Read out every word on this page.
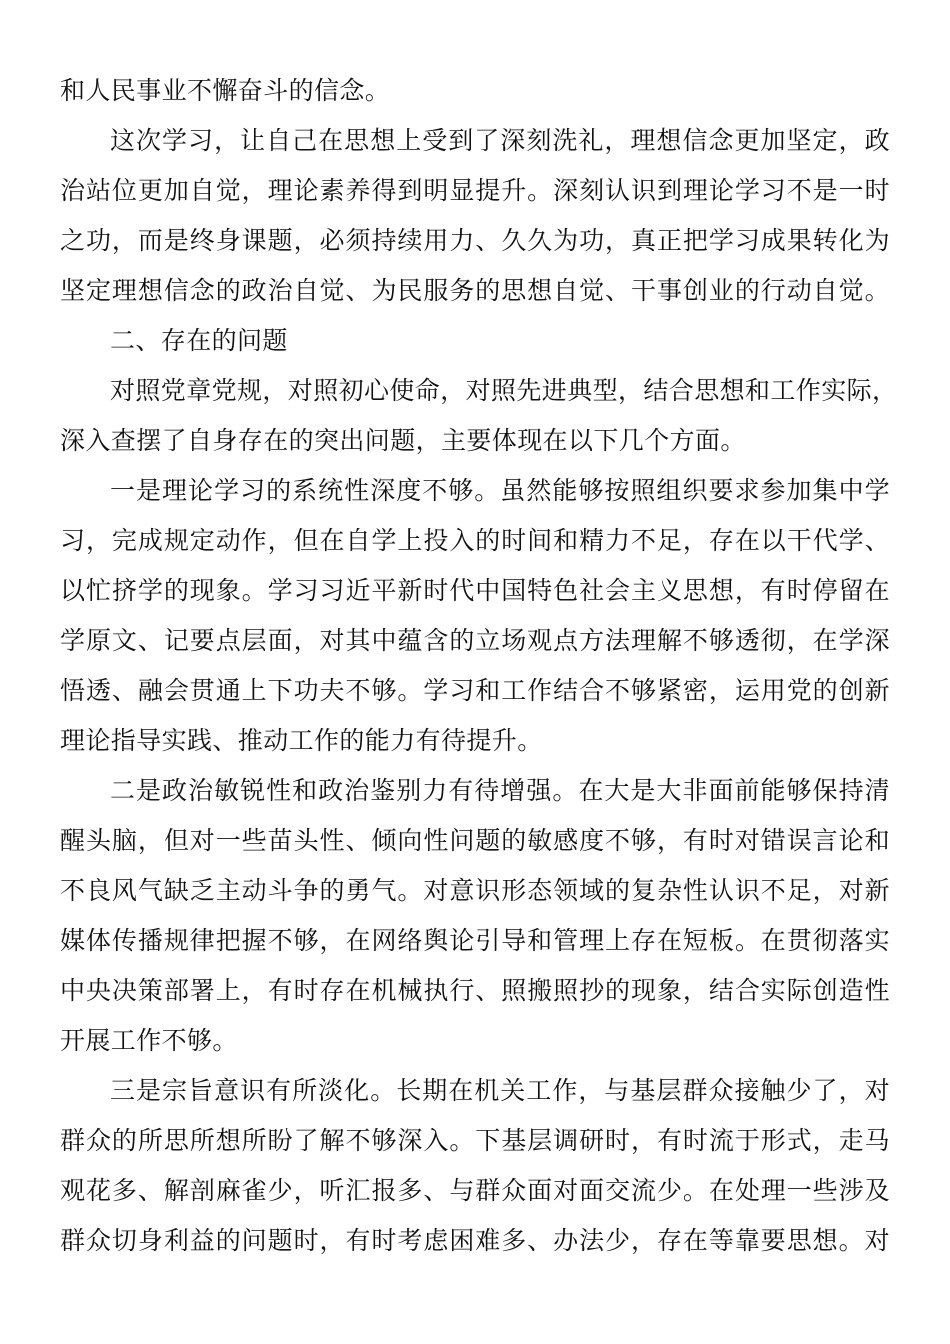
和人民事业不懈奋斗的信念。
这次学习，让自己在思想上受到了深刻洗礼，理想信念更加坚定，政
治站位更加自觉，理论素养得到明显提升。深刻认识到理论学习不是一时
之功，而是终身课题，必须持续用力、久久为功，真正把学习成果转化为
坚定理想信念的政治自觉、为民服务的思想自觉、干事创业的行动自觉。
二、存在的问题
对照党章党规，对照初心使命，对照先进典型，结合思想和工作实际，
深入查摆了自身存在的突出问题，主要体现在以下几个方面。
一是理论学习的系统性深度不够。虽然能够按照组织要求参加集中学
习，完成规定动作，但在自学上投入的时间和精力不足，存在以干代学、
以忙挤学的现象。学习习近平新时代中国特色社会主义思想，有时停留在
学原文、记要点层面，对其中蕴含的立场观点方法理解不够透彻，在学深
悟透、融会贯通上下功夫不够。学习和工作结合不够紧密，运用党的创新
理论指导实践、推动工作的能力有待提升。
二是政治敏锐性和政治鉴别力有待增强。在大是大非面前能够保持清
醒头脑，但对一些苗头性、倾向性问题的敏感度不够，有时对错误言论和
不良风气缺乏主动斗争的勇气。对意识形态领域的复杂性认识不足，对新
媒体传播规律把握不够，在网络舆论引导和管理上存在短板。在贯彻落实
中央决策部署上，有时存在机械执行、照搬照抄的现象，结合实际创造性
开展工作不够。
三是宗旨意识有所淡化。长期在机关工作，与基层群众接触少了，对
群众的所思所想所盼了解不够深入。下基层调研时，有时流于形式，走马
观花多、解剖麻雀少，听汇报多、与群众面对面交流少。在处理一些涉及
群众切身利益的问题时，有时考虑困难多、办法少，存在等靠要思想。对
